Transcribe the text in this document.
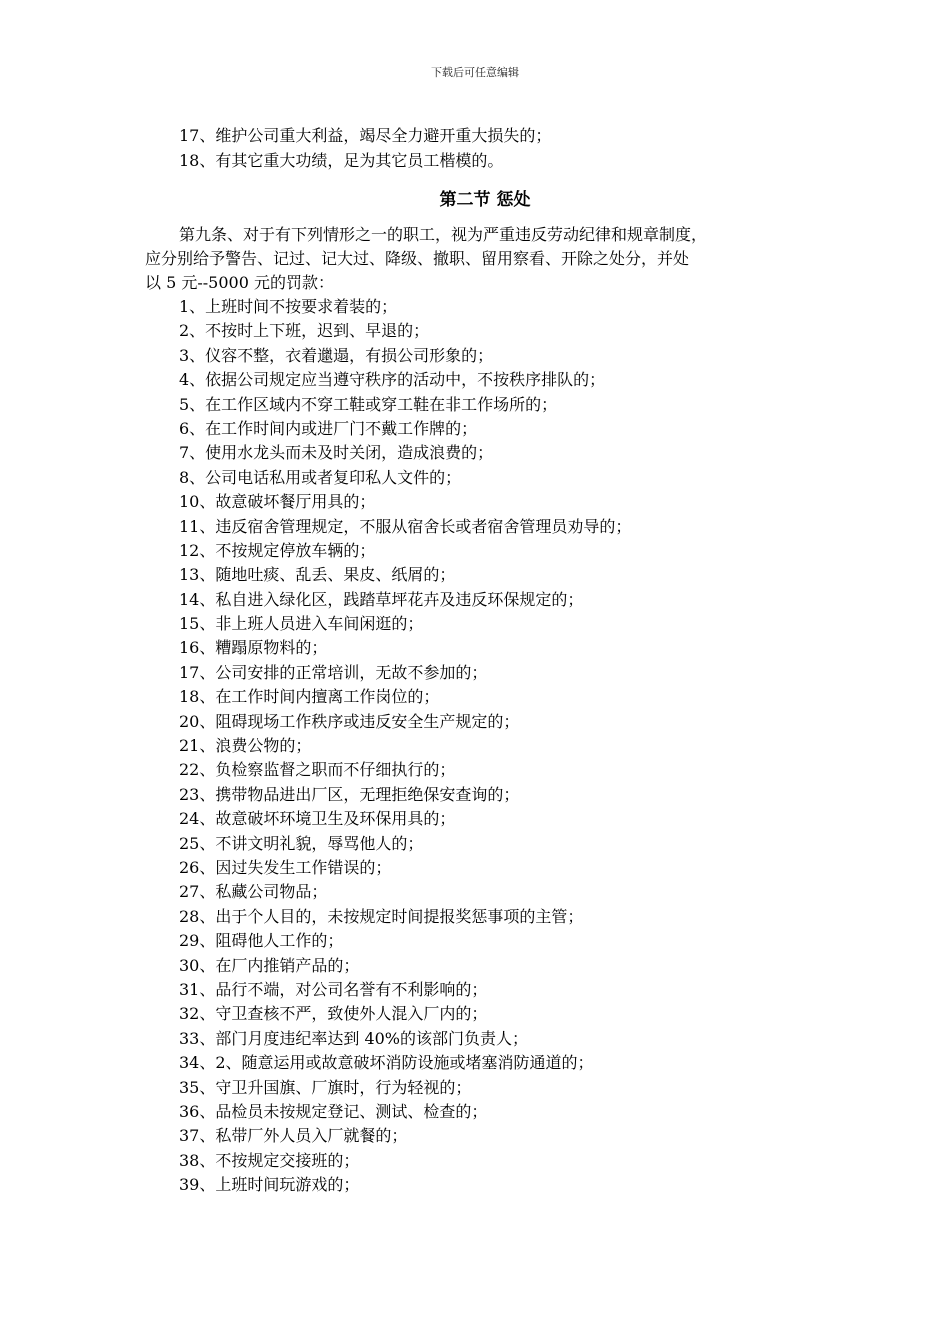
下载后可任意编辑
17、维护公司重大利益，竭尽全力避开重大损失的；
18、有其它重大功绩，足为其它员工楷模的。
第二节 惩处
第九条、对于有下列情形之一的职工，视为严重违反劳动纪律和规章制度，
应分别给予警告、记过、记大过、降级、撤职、留用察看、开除之处分，并处
以 5 元--5000 元的罚款：
1、上班时间不按要求着装的；
2、不按时上下班，迟到、早退的；
3、仪容不整，衣着邋遢，有损公司形象的；
4、依据公司规定应当遵守秩序的活动中，不按秩序排队的；
5、在工作区域内不穿工鞋或穿工鞋在非工作场所的；
6、在工作时间内或进厂门不戴工作牌的；
7、使用水龙头而未及时关闭，造成浪费的；
8、公司电话私用或者复印私人文件的；
10、故意破坏餐厅用具的；
11、违反宿舍管理规定，不服从宿舍长或者宿舍管理员劝导的；
12、不按规定停放车辆的；
13、随地吐痰、乱丢、果皮、纸屑的；
14、私自进入绿化区，践踏草坪花卉及违反环保规定的；
15、非上班人员进入车间闲逛的；
16、糟蹋原物料的；
17、公司安排的正常培训，无故不参加的；
18、在工作时间内擅离工作岗位的；
20、阻碍现场工作秩序或违反安全生产规定的；
21、浪费公物的；
22、负检察监督之职而不仔细执行的；
23、携带物品进出厂区，无理拒绝保安查询的；
24、故意破坏环境卫生及环保用具的；
25、不讲文明礼貌，辱骂他人的；
26、因过失发生工作错误的；
27、私藏公司物品；
28、出于个人目的，未按规定时间提报奖惩事项的主管；
29、阻碍他人工作的；
30、在厂内推销产品的；
31、品行不端，对公司名誉有不利影响的；
32、守卫查核不严，致使外人混入厂内的；
33、部门月度违纪率达到 40%的该部门负责人；
34、2、随意运用或故意破坏消防设施或堵塞消防通道的；
35、守卫升国旗、厂旗时，行为轻视的；
36、品检员未按规定登记、测试、检查的；
37、私带厂外人员入厂就餐的；
38、不按规定交接班的；
39、上班时间玩游戏的；
